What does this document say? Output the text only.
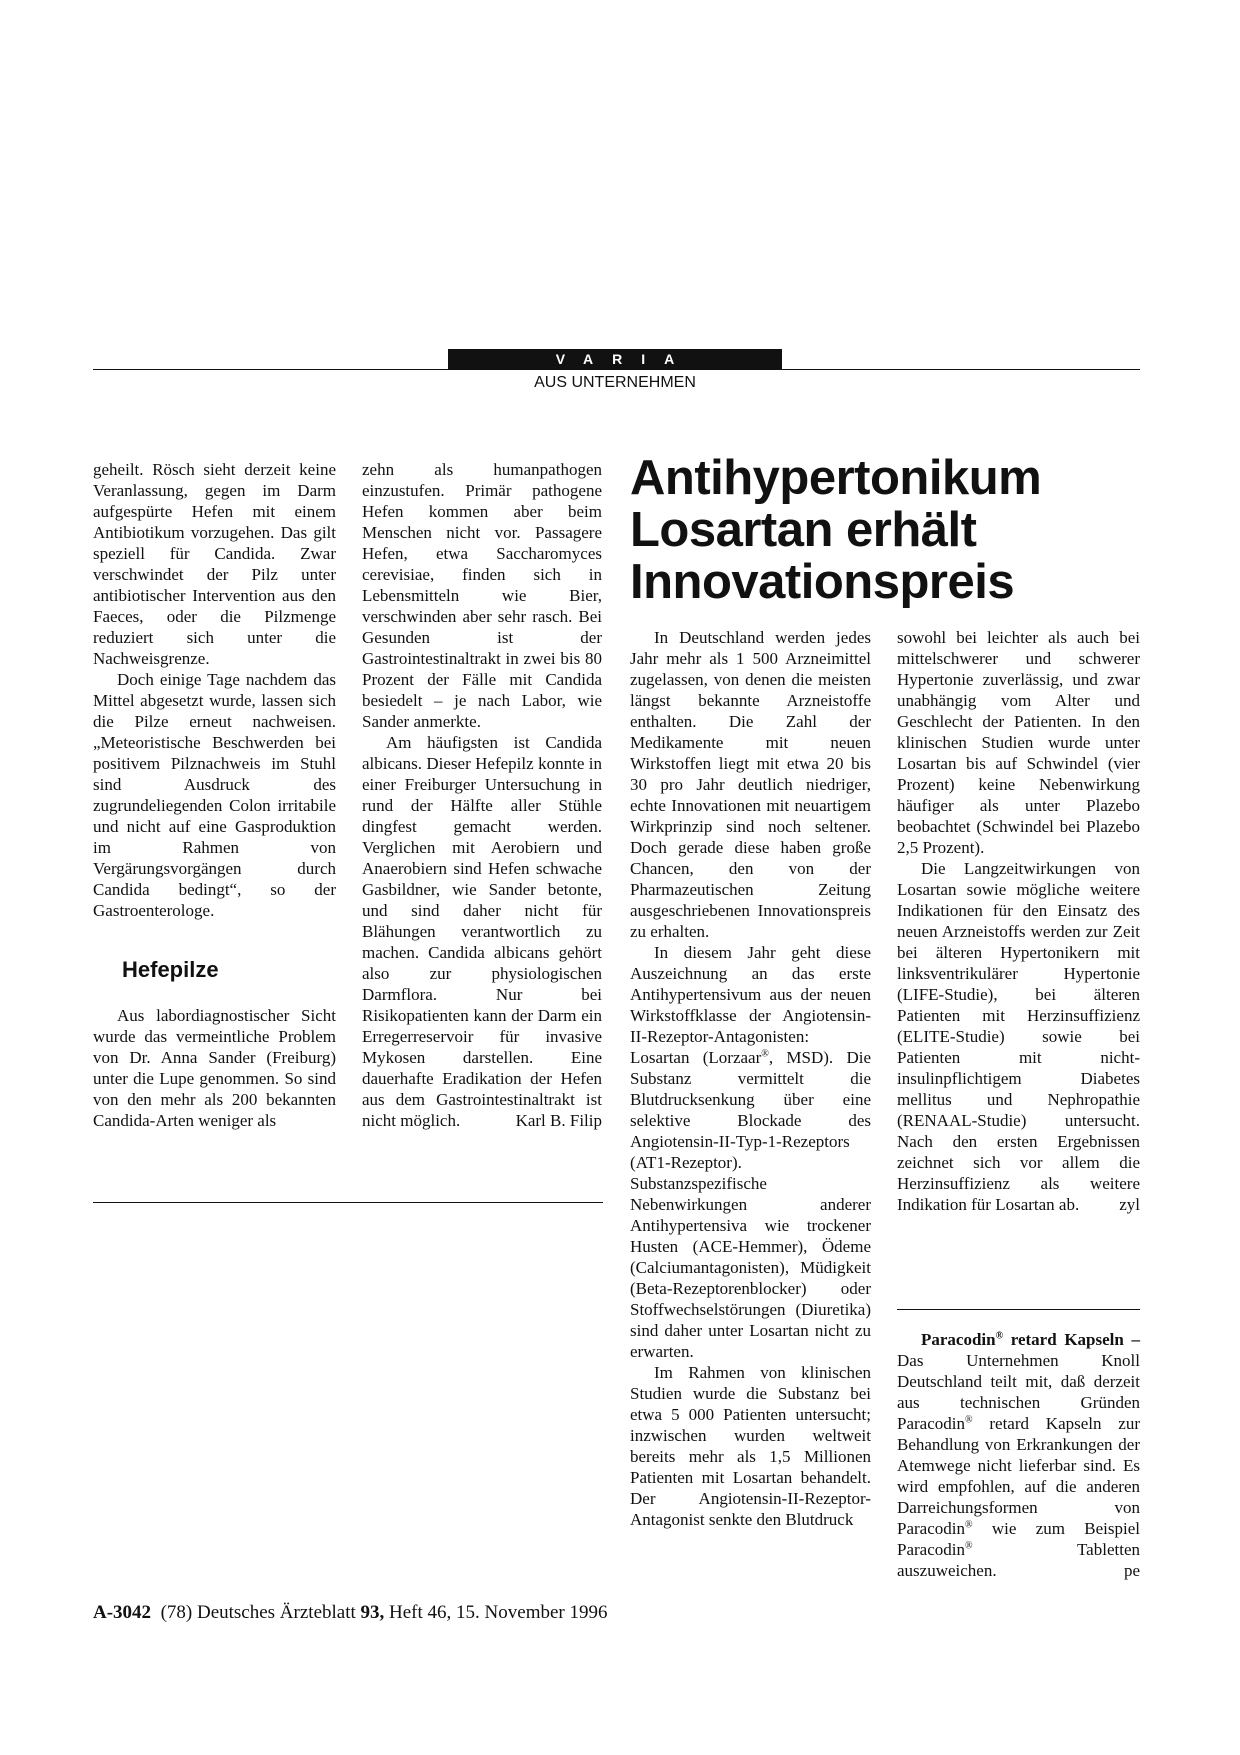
VARIA
AUS UNTERNEHMEN

geheilt. Rösch sieht derzeit keine Veranlassung, gegen im Darm aufgespürte Hefen mit einem Antibiotikum vorzugehen. Das gilt speziell für Candida. Zwar verschwindet der Pilz unter antibiotischer Intervention aus den Faeces, oder die Pilzmenge reduziert sich unter die Nachweisgrenze.

Doch einige Tage nachdem das Mittel abgesetzt wurde, lassen sich die Pilze erneut nachweisen. „Meteoristische Beschwerden bei positivem Pilznachweis im Stuhl sind Ausdruck des zugrundeliegenden Colon irritabile und nicht auf eine Gasproduktion im Rahmen von Vergärungsvorgängen durch Candida bedingt“, so der Gastroenterologe.

Hefepilze

Aus labordiagnostischer Sicht wurde das vermeintliche Problem von Dr. Anna Sander (Freiburg) unter die Lupe genommen. So sind von den mehr als 200 bekannten Candida-Arten weniger als

zehn als humanpathogen einzustufen. Primär pathogene Hefen kommen aber beim Menschen nicht vor. Passagere Hefen, etwa Saccharomyces cerevisiae, finden sich in Lebensmitteln wie Bier, verschwinden aber sehr rasch. Bei Gesunden ist der Gastrointestinaltrakt in zwei bis 80 Prozent der Fälle mit Candida besiedelt – je nach Labor, wie Sander anmerkte.

Am häufigsten ist Candida albicans. Dieser Hefepilz konnte in einer Freiburger Untersuchung in rund der Hälfte aller Stühle dingfest gemacht werden. Verglichen mit Aerobiern und Anaerobiern sind Hefen schwache Gasbildner, wie Sander betonte, und sind daher nicht für Blähungen verantwortlich zu machen. Candida albicans gehört also zur physiologischen Darmflora. Nur bei Risikopatienten kann der Darm ein Erregerreservoir für invasive Mykosen darstellen. Eine dauerhafte Eradikation der Hefen aus dem Gastrointestinaltrakt ist nicht möglich.	Karl B. Filip

Antihypertonikum
Losartan erhält
Innovationspreis

In Deutschland werden jedes Jahr mehr als 1 500 Arzneimittel zugelassen, von denen die meisten längst bekannte Arzneistoffe enthalten. Die Zahl der Medikamente mit neuen Wirkstoffen liegt mit etwa 20 bis 30 pro Jahr deutlich niedriger, echte Innovationen mit neuartigem Wirkprinzip sind noch seltener. Doch gerade diese haben große Chancen, den von der Pharmazeutischen Zeitung ausgeschriebenen Innovationspreis zu erhalten.

In diesem Jahr geht diese Auszeichnung an das erste Antihypertensivum aus der neuen Wirkstoffklasse der Angiotensin-II-Rezeptor-Antagonisten: Losartan (Lorzaar®, MSD). Die Substanz vermittelt die Blutdrucksenkung über eine selektive Blockade des Angiotensin-II-Typ-1-Rezeptors (AT1-Rezeptor). Substanzspezifische Nebenwirkungen anderer Antihypertensiva wie trockener Husten (ACE-Hemmer), Ödeme (Calciumantagonisten), Müdigkeit (Beta-Rezeptorenblocker) oder Stoffwechselstörungen (Diuretika) sind daher unter Losartan nicht zu erwarten.

Im Rahmen von klinischen Studien wurde die Substanz bei etwa 5 000 Patienten untersucht; inzwischen wurden weltweit bereits mehr als 1,5 Millionen Patienten mit Losartan behandelt. Der Angiotensin-II-Rezeptor-Antagonist senkte den Blutdruck

sowohl bei leichter als auch bei mittelschwerer und schwerer Hypertonie zuverlässig, und zwar unabhängig vom Alter und Geschlecht der Patienten. In den klinischen Studien wurde unter Losartan bis auf Schwindel (vier Prozent) keine Nebenwirkung häufiger als unter Plazebo beobachtet (Schwindel bei Plazebo 2,5 Prozent).

Die Langzeitwirkungen von Losartan sowie mögliche weitere Indikationen für den Einsatz des neuen Arzneistoffs werden zur Zeit bei älteren Hypertonikern mit linksventrikulärer Hypertonie (LIFE-Studie), bei älteren Patienten mit Herzinsuffizienz (ELITE-Studie) sowie bei Patienten mit nicht-insulinpflichtigem Diabetes mellitus und Nephropathie (RENAAL-Studie) untersucht. Nach den ersten Ergebnissen zeichnet sich vor allem die Herzinsuffizienz als weitere Indikation für Losartan ab.	zyl

Paracodin® retard Kapseln – Das Unternehmen Knoll Deutschland teilt mit, daß derzeit aus technischen Gründen Paracodin® retard Kapseln zur Behandlung von Erkrankungen der Atemwege nicht lieferbar sind. Es wird empfohlen, auf die anderen Darreichungsformen von Paracodin® wie zum Beispiel Paracodin® Tabletten auszuweichen.	pe

A-3042 (78) Deutsches Ärzteblatt 93, Heft 46, 15. November 1996
